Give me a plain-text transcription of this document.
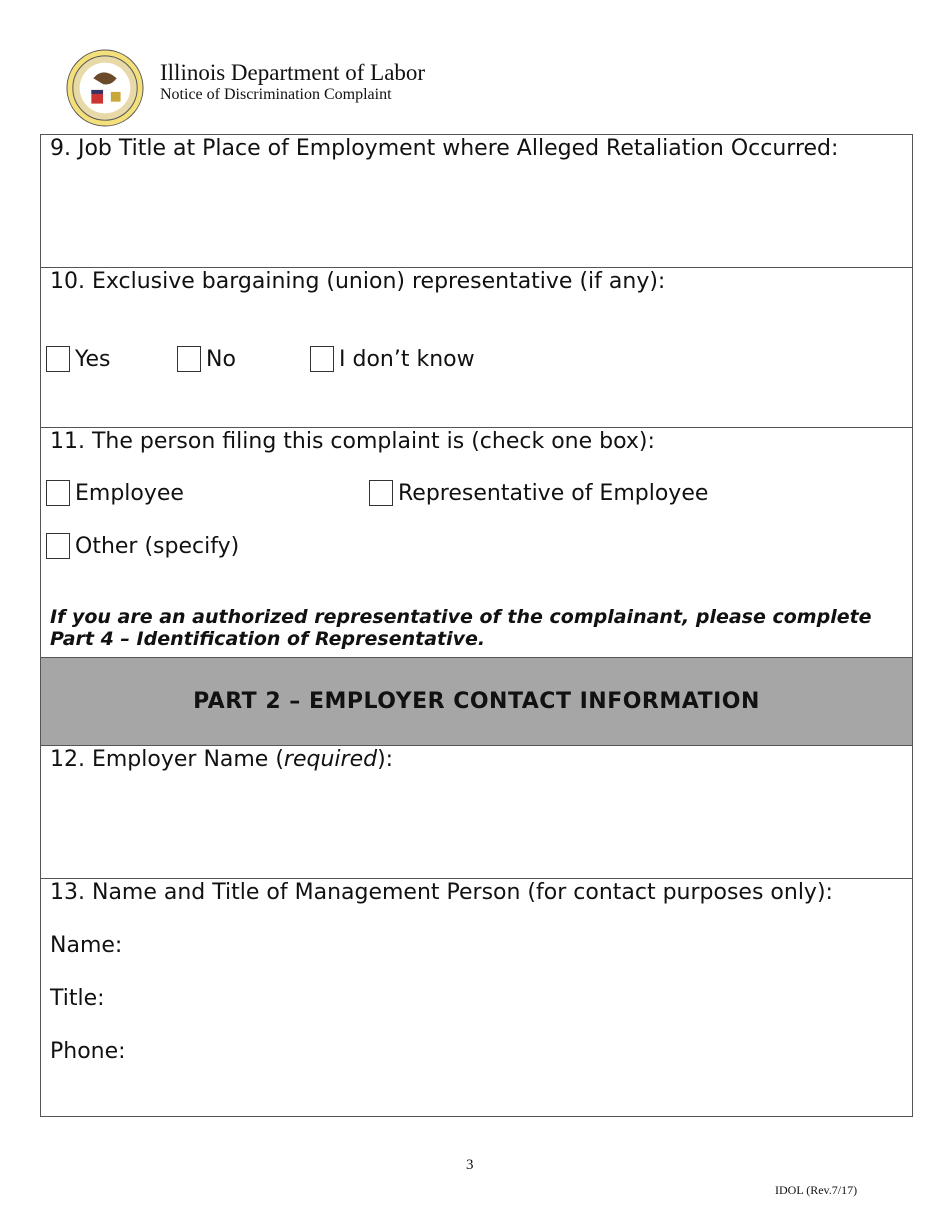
Illinois Department of Labor
Notice of Discrimination Complaint
9. Job Title at Place of Employment where Alleged Retaliation Occurred:
10. Exclusive bargaining (union) representative (if any):
Yes	No	I don’t know
11. The person filing this complaint is (check one box):
Employee	Representative of Employee
Other (specify)
If you are an authorized representative of the complainant, please complete Part 4 – Identification of Representative.
PART 2 – EMPLOYER CONTACT INFORMATION
12. Employer Name (required):
13. Name and Title of Management Person (for contact purposes only):
Name:
Title:
Phone:
3
IDOL (Rev.7/17)
